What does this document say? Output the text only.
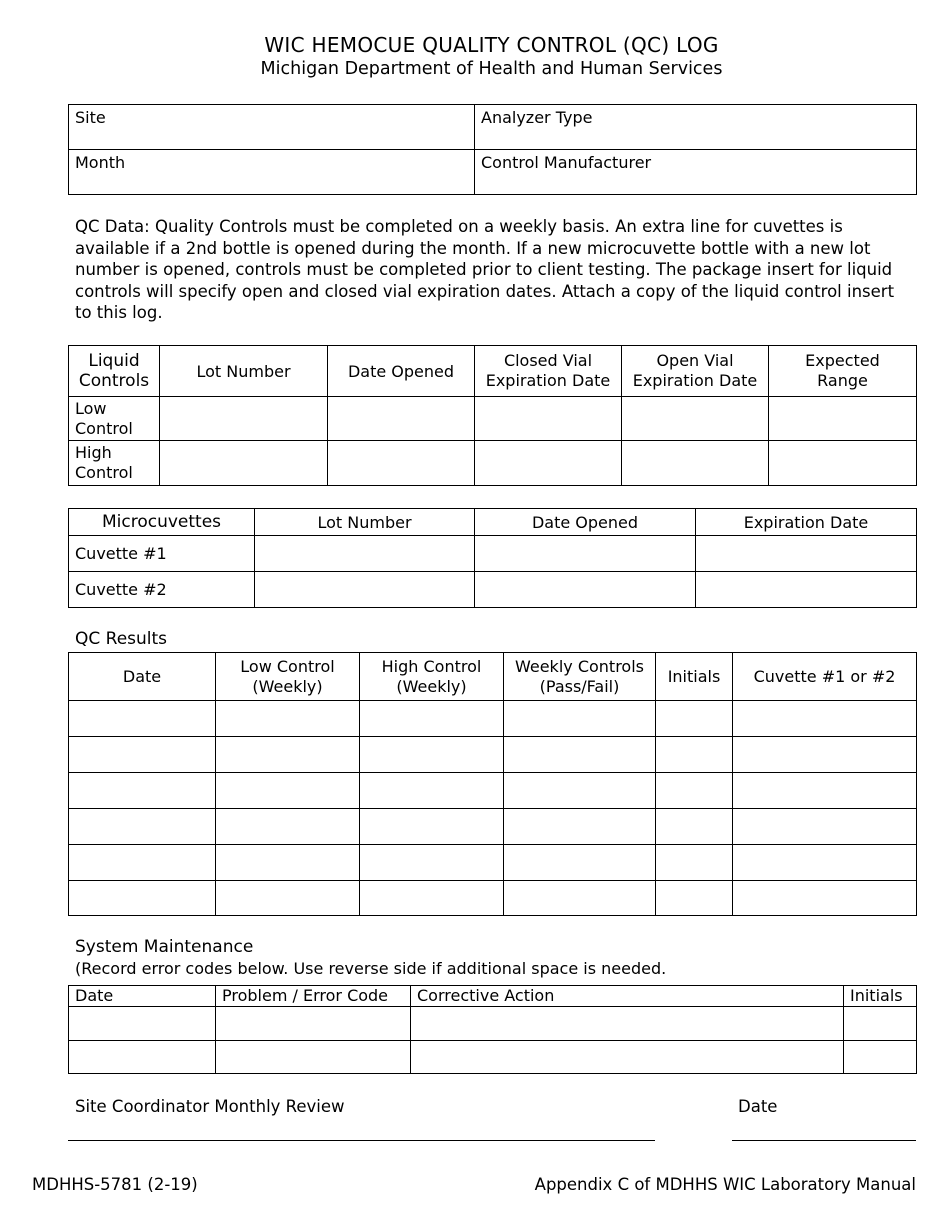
WIC HEMOCUE QUALITY CONTROL (QC) LOG
Michigan Department of Health and Human Services
Site	Analyzer Type
Month	Control Manufacturer
QC Data: Quality Controls must be completed on a weekly basis. An extra line for cuvettes is available if a 2nd bottle is opened during the month. If a new microcuvette bottle with a new lot number is opened, controls must be completed prior to client testing. The package insert for liquid controls will specify open and closed vial expiration dates. Attach a copy of the liquid control insert to this log.
Liquid Controls	Lot Number	Date Opened	Closed Vial Expiration Date	Open Vial Expiration Date	Expected Range
Low Control					
High Control					
Microcuvettes	Lot Number	Date Opened	Expiration Date
Cuvette #1			
Cuvette #2			
QC Results
Date	Low Control (Weekly)	High Control (Weekly)	Weekly Controls (Pass/Fail)	Initials	Cuvette #1 or #2

System Maintenance
(Record error codes below. Use reverse side if additional space is needed.
Date	Problem / Error Code	Corrective Action	Initials

Site Coordinator Monthly Review	Date
MDHHS-5781 (2-19)	Appendix C of MDHHS WIC Laboratory Manual
